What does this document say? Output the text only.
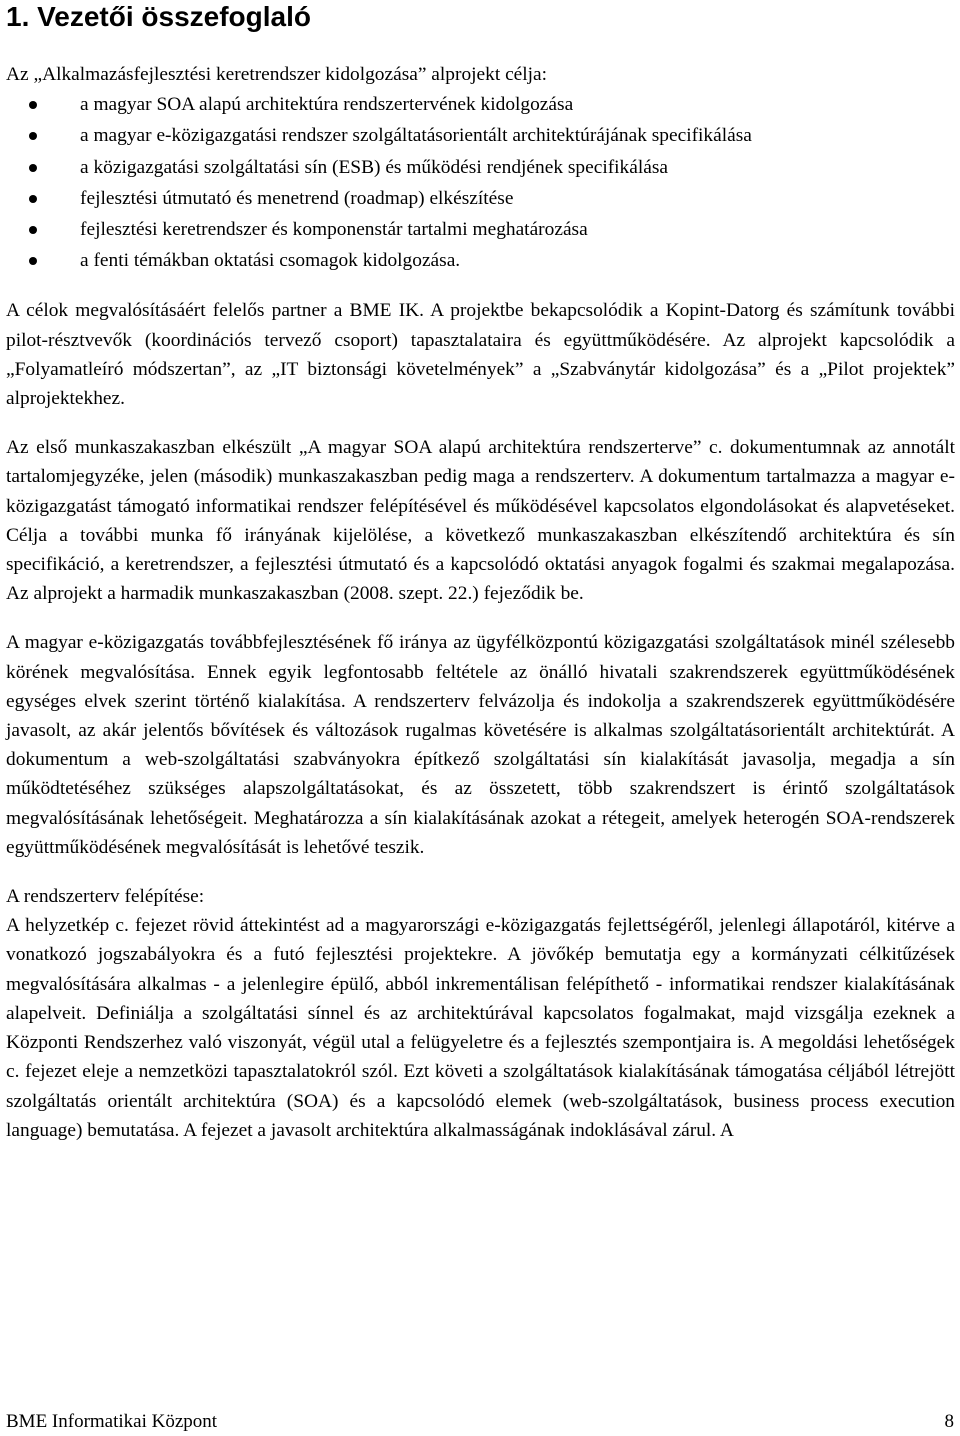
1. Vezetői összefoglaló

Az „Alkalmazásfejlesztési keretrendszer kidolgozása” alprojekt célja:

a magyar SOA alapú architektúra rendszertervének kidolgozása
a magyar e-közigazgatási rendszer szolgáltatásorientált architektúrájának specifikálása
a közigazgatási szolgáltatási sín (ESB) és működési rendjének specifikálása
fejlesztési útmutató és menetrend (roadmap) elkészítése
fejlesztési keretrendszer és komponenstár tartalmi meghatározása
a fenti témákban oktatási csomagok kidolgozása.

A célok megvalósításáért felelős partner a BME IK. A projektbe bekapcsolódik a Kopint-Datorg és számítunk további pilot-résztvevők (koordinációs tervező csoport) tapasztalataira és együttműködésére. Az alprojekt kapcsolódik a „Folyamatleíró módszertan”, az „IT biztonsági követelmények” a „Szabványtár kidolgozása” és a „Pilot projektek” alprojektekhez.

Az első munkaszakaszban elkészült „A magyar SOA alapú architektúra rendszerterve” c. dokumentumnak az annotált tartalomjegyzéke, jelen (második) munkaszakaszban pedig maga a rendszerterv. A dokumentum tartalmazza a magyar e-közigazgatást támogató informatikai rendszer felépítésével és működésével kapcsolatos elgondolásokat és alapvetéseket. Célja a további munka fő irányának kijelölése, a következő munkaszakaszban elkészítendő architektúra és sín specifikáció, a keretrendszer, a fejlesztési útmutató és a kapcsolódó oktatási anyagok fogalmi és szakmai megalapozása. Az alprojekt a harmadik munkaszakaszban (2008. szept. 22.) fejeződik be.

A magyar e-közigazgatás továbbfejlesztésének fő iránya az ügyfélközpontú közigazgatási szolgáltatások minél szélesebb körének megvalósítása. Ennek egyik legfontosabb feltétele az önálló hivatali szakrendszerek együttműködésének egységes elvek szerint történő kialakítása. A rendszerterv felvázolja és indokolja a szakrendszerek együttműködésére javasolt, az akár jelentős bővítések és változások rugalmas követésére is alkalmas szolgáltatásorientált architektúrát. A dokumentum a web-szolgáltatási szabványokra építkező szolgáltatási sín kialakítását javasolja, megadja a sín működtetéséhez szükséges alapszolgáltatásokat, és az összetett, több szakrendszert is érintő szolgáltatások megvalósításának lehetőségeit. Meghatározza a sín kialakításának azokat a rétegeit, amelyek heterogén SOA-rendszerek együttműködésének megvalósítását is lehetővé teszik.

A rendszerterv felépítése:

A helyzetkép c. fejezet rövid áttekintést ad a magyarországi e-közigazgatás fejlettségéről, jelenlegi állapotáról, kitérve a vonatkozó jogszabályokra és a futó fejlesztési projektekre. A jövőkép bemutatja egy a kormányzati célkitűzések megvalósítására alkalmas - a jelenlegire épülő, abból inkrementálisan felépíthető - informatikai rendszer kialakításának alapelveit. Definiálja a szolgáltatási sínnel és az architektúrával kapcsolatos fogalmakat, majd vizsgálja ezeknek a Központi Rendszerhez való viszonyát, végül utal a felügyeletre és a fejlesztés szempontjaira is. A megoldási lehetőségek c. fejezet eleje a nemzetközi tapasztalatokról szól. Ezt követi a szolgáltatások kialakításának támogatása céljából létrejött szolgáltatás orientált architektúra (SOA) és a kapcsolódó elemek (web-szolgáltatások, business process execution language) bemutatása. A fejezet a javasolt architektúra alkalmasságának indoklásával zárul. A

BME Informatikai Központ	8
